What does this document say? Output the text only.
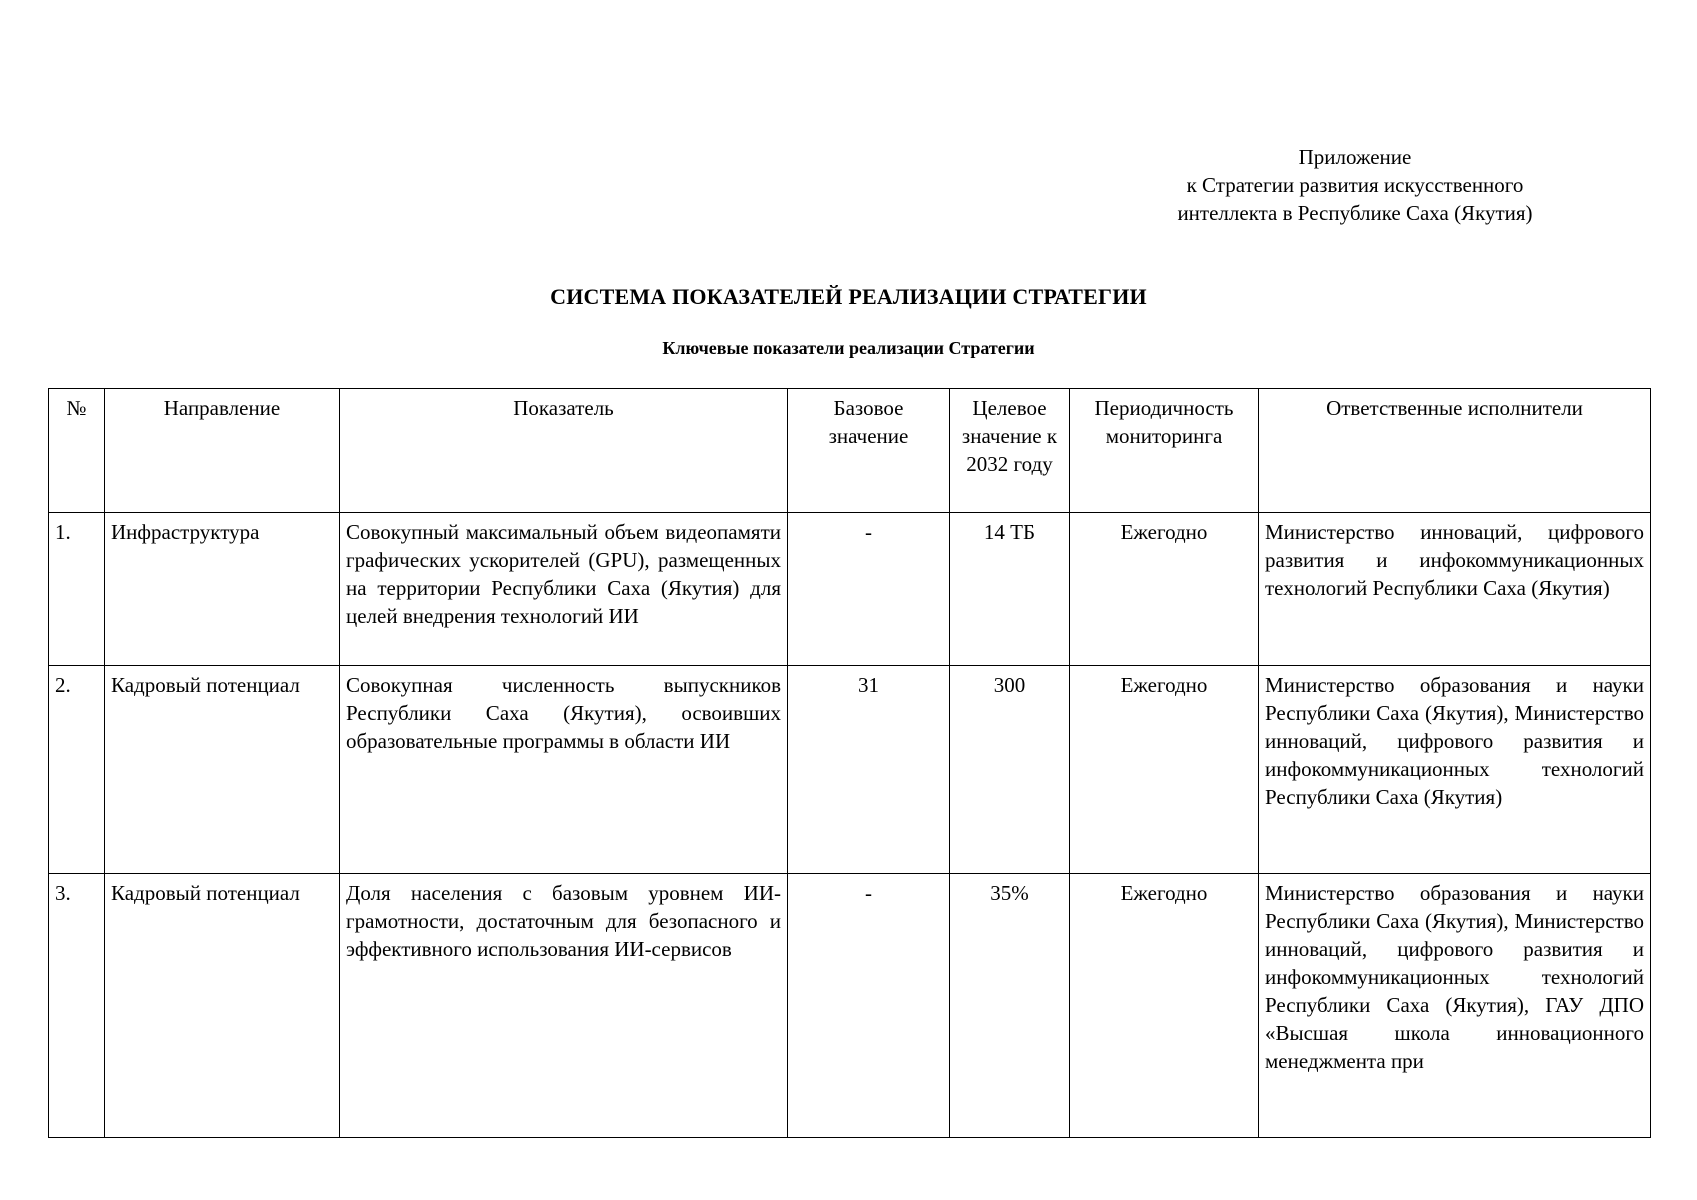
Приложение
к Стратегии развития искусственного
интеллекта в Республике Саха (Якутия)
СИСТЕМА ПОКАЗАТЕЛЕЙ РЕАЛИЗАЦИИ СТРАТЕГИИ
Ключевые показатели реализации Стратегии
№	Направление	Показатель	Базовое значение	Целевое значение к 2032 году	Периодичность мониторинга	Ответственные исполнители
1.	Инфраструктура	Совокупный максимальный объем видеопамяти графических ускорителей (GPU), размещенных на территории Республики Саха (Якутия) для целей внедрения технологий ИИ	-	14 ТБ	Ежегодно	Министерство инноваций, цифрового развития и инфокоммуникационных технологий Республики Саха (Якутия)
2.	Кадровый потенциал	Совокупная численность выпускников Республики Саха (Якутия), освоивших образовательные программы в области ИИ	31	300	Ежегодно	Министерство образования и науки Республики Саха (Якутия), Министерство инноваций, цифрового развития и инфокоммуникационных технологий Республики Саха (Якутия)
3.	Кадровый потенциал	Доля населения с базовым уровнем ИИ-грамотности, достаточным для безопасного и эффективного использования ИИ-сервисов	-	35%	Ежегодно	Министерство образования и науки Республики Саха (Якутия), Министерство инноваций, цифрового развития и инфокоммуникационных технологий Республики Саха (Якутия), ГАУ ДПО «Высшая школа инновационного менеджмента при
